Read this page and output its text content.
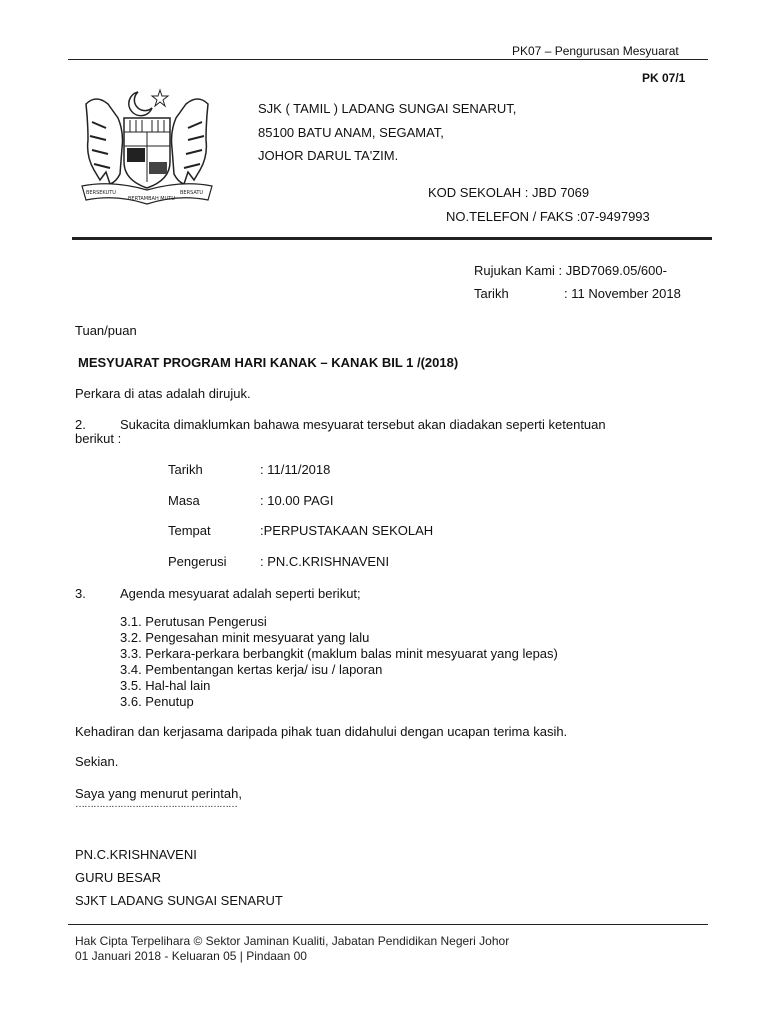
PK07 – Pengurusan Mesyuarat
PK 07/1
BERSEKUTU
BERTAMBAH MUTU
BERSATU
SJK ( TAMIL ) LADANG SUNGAI SENARUT,
85100 BATU ANAM, SEGAMAT,
JOHOR DARUL TA'ZIM.
KOD SEKOLAH : JBD 7069
NO.TELEFON / FAKS :07-9497993
Rujukan Kami : JBD7069.05/600-
Tarikh	: 11 November 2018
Tuan/puan
MESYUARAT PROGRAM HARI KANAK – KANAK BIL 1 /(2018)
Perkara di atas adalah dirujuk.
2.	Sukacita dimaklumkan bahawa mesyuarat tersebut akan diadakan seperti ketentuan
berikut :
Tarikh	: 11/11/2018
Masa	: 10.00 PAGI
Tempat	:PERPUSTAKAAN SEKOLAH
Pengerusi	: PN.C.KRISHNAVENI
3.	Agenda mesyuarat adalah seperti berikut;
3.1. Perutusan Pengerusi
3.2. Pengesahan minit mesyuarat yang lalu
3.3. Perkara-perkara berbangkit (maklum balas minit mesyuarat yang lepas)
3.4. Pembentangan kertas kerja/ isu / laporan
3.5. Hal-hal lain
3.6. Penutup
Kehadiran dan kerjasama daripada pihak tuan didahului dengan ucapan terima kasih.
Sekian.
Saya yang menurut perintah,
………………………………………………
PN.C.KRISHNAVENI
GURU BESAR
SJKT LADANG SUNGAI SENARUT
Hak Cipta Terpelihara © Sektor Jaminan Kualiti, Jabatan Pendidikan Negeri Johor
01 Januari 2018 - Keluaran 05 | Pindaan 00
